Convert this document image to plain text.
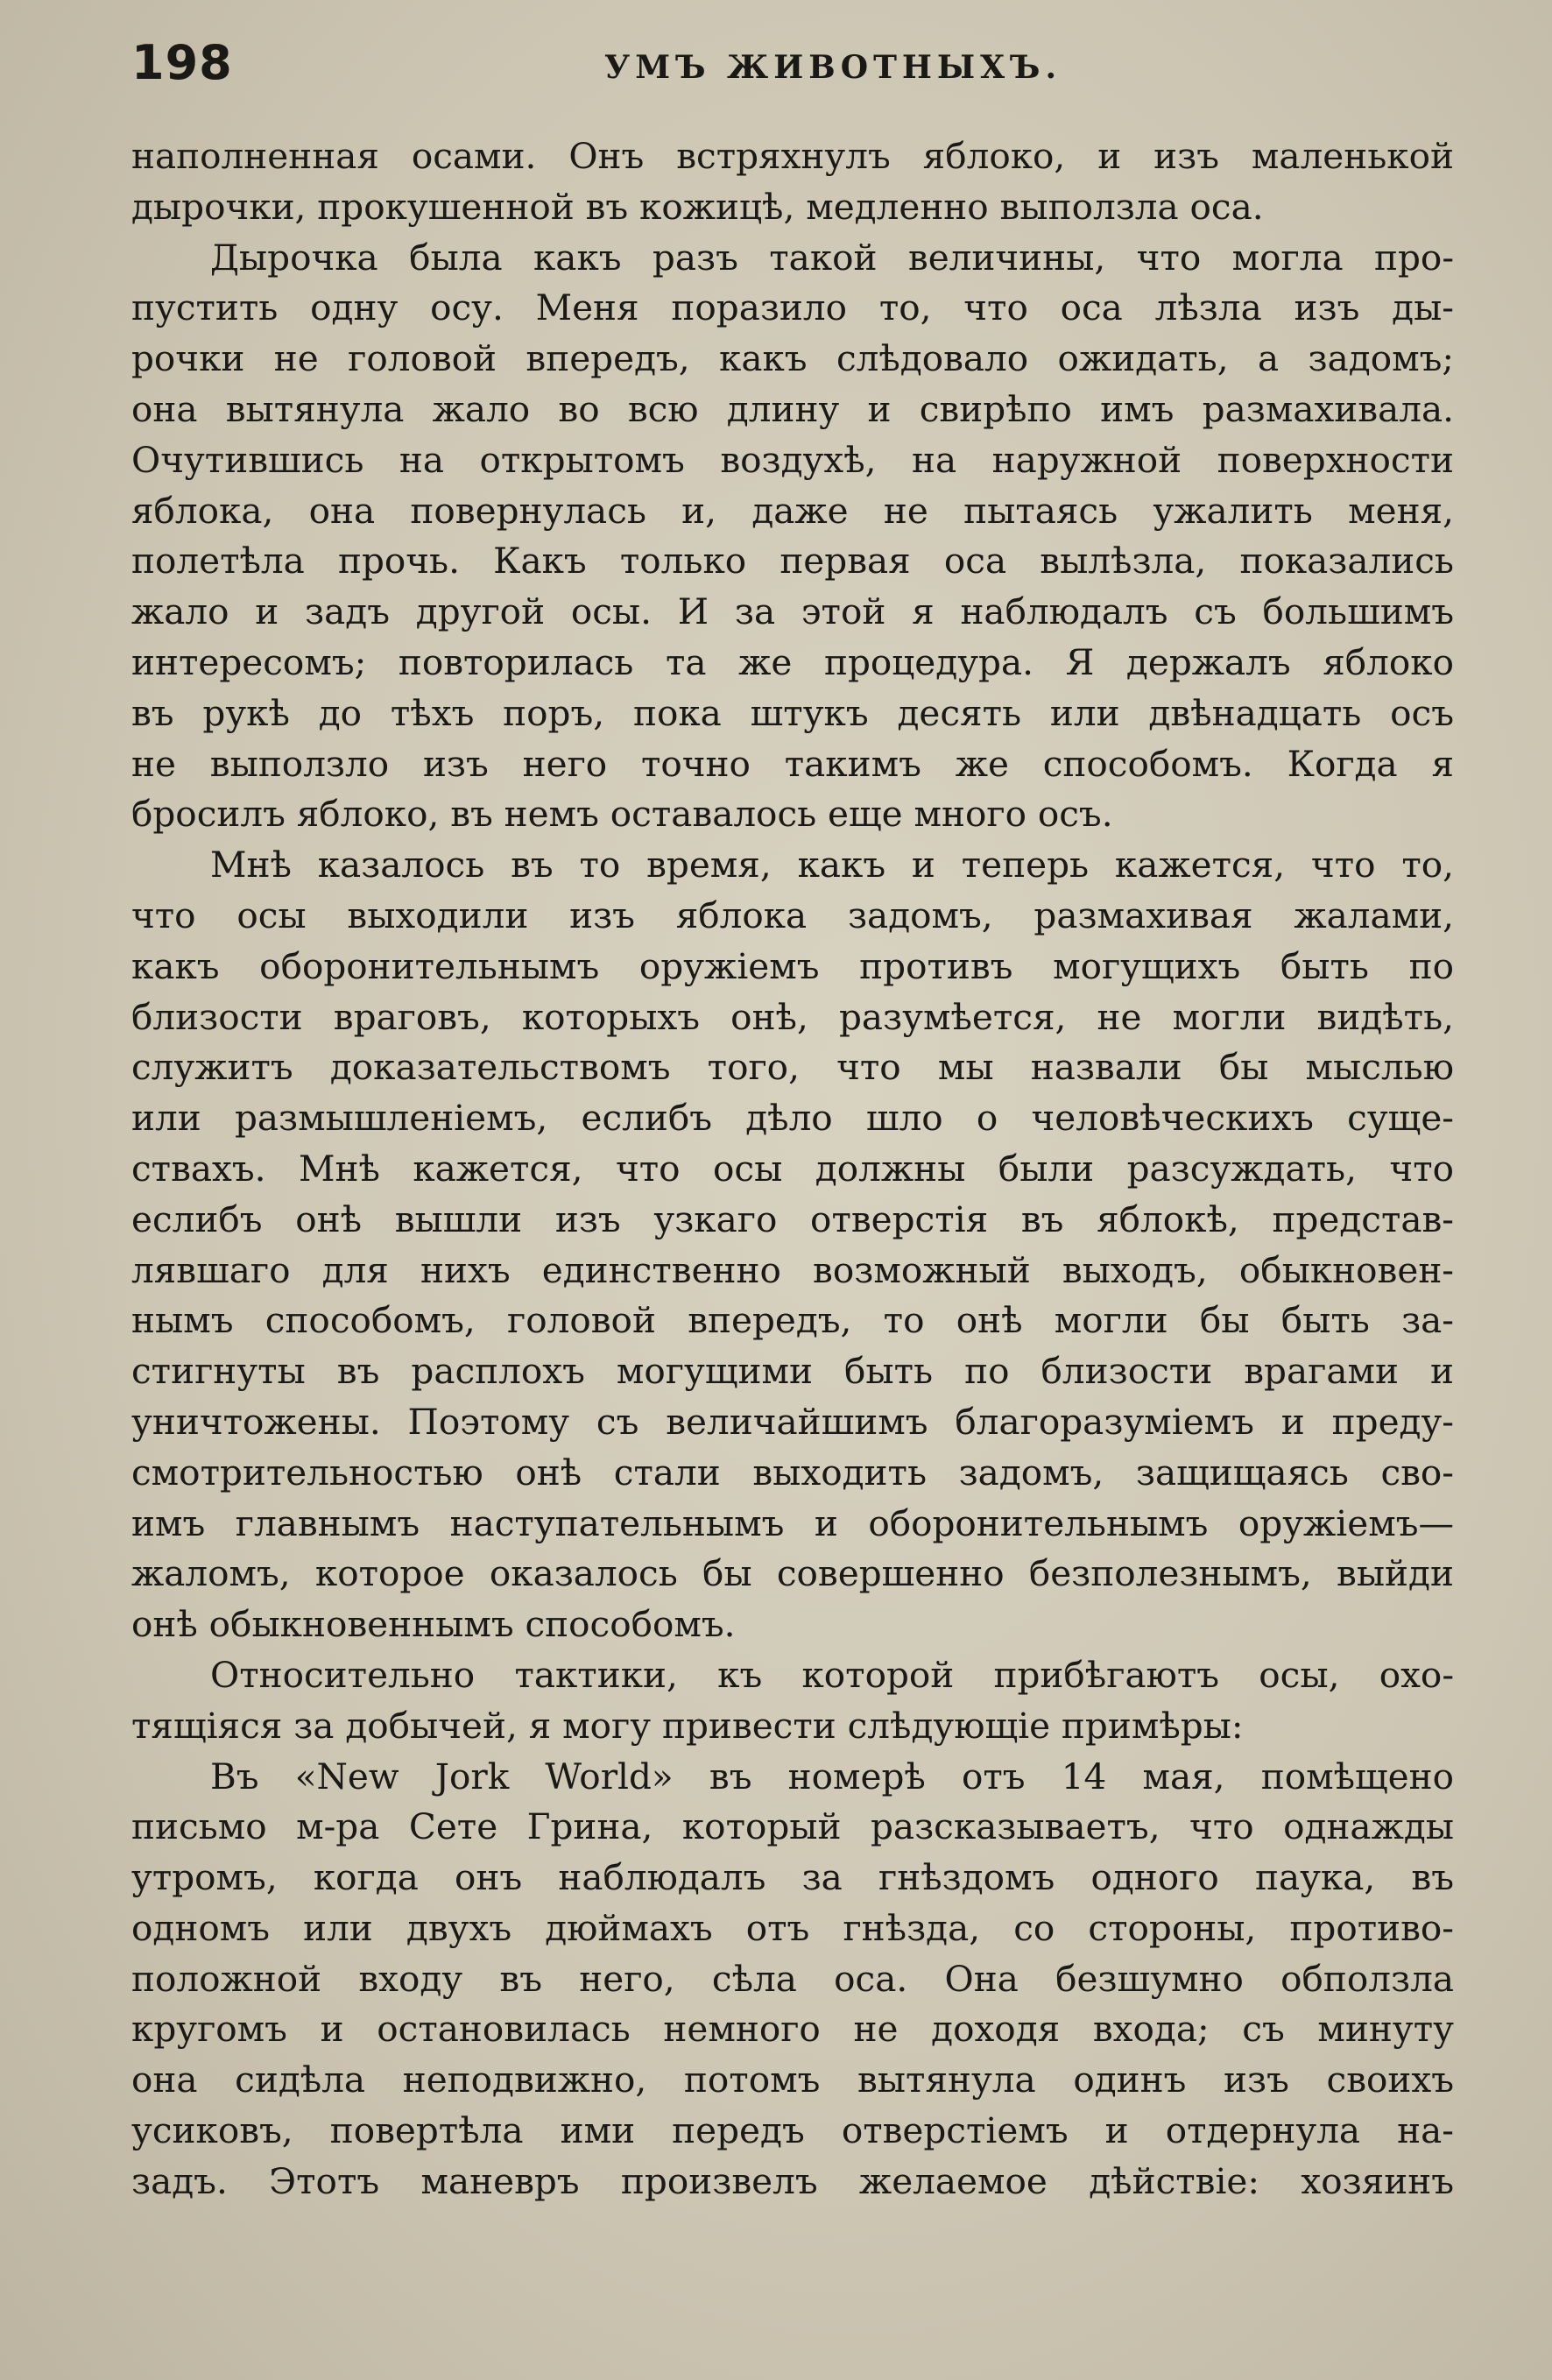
198	УМЪ ЖИВОТНЫХЪ.
наполненная осами. Онъ встряхнулъ яблоко, и изъ маленькой
дырочки, прокушенной въ кожицѣ, медленно выползла оса.
Дырочка была какъ разъ такой величины, что могла про-
пустить одну осу. Меня поразило то, что оса лѣзла изъ ды-
рочки не головой впередъ, какъ слѣдовало ожидать, а задомъ;
она вытянула жало во всю длину и свирѣпо имъ размахивала.
Очутившись на открытомъ воздухѣ, на наружной поверхности
яблока, она повернулась и, даже не пытаясь ужалить меня,
полетѣла прочь. Какъ только первая оса вылѣзла, показались
жало и задъ другой осы. И за этой я наблюдалъ съ большимъ
интересомъ; повторилась та же процедура. Я держалъ яблоко
въ рукѣ до тѣхъ поръ, пока штукъ десять или двѣнадцать осъ
не выползло изъ него точно такимъ же способомъ. Когда я
бросилъ яблоко, въ немъ оставалось еще много осъ.
Мнѣ казалось въ то время, какъ и теперь кажется, что то,
что осы выходили изъ яблока задомъ, размахивая жалами,
какъ оборонительнымъ оружіемъ противъ могущихъ быть по
близости враговъ, которыхъ онѣ, разумѣется, не могли видѣть,
служитъ доказательствомъ того, что мы назвали бы мыслью
или размышленіемъ, еслибъ дѣло шло о человѣческихъ суще-
ствахъ. Мнѣ кажется, что осы должны были разсуждать, что
еслибъ онѣ вышли изъ узкаго отверстія въ яблокѣ, представ-
лявшаго для нихъ единственно возможный выходъ, обыкновен-
нымъ способомъ, головой впередъ, то онѣ могли бы быть за-
стигнуты въ расплохъ могущими быть по близости врагами и
уничтожены. Поэтому съ величайшимъ благоразуміемъ и преду-
смотрительностью онѣ стали выходить задомъ, защищаясь сво-
имъ главнымъ наступательнымъ и оборонительнымъ оружіемъ—
жаломъ, которое оказалось бы совершенно безполезнымъ, выйди
онѣ обыкновеннымъ способомъ.
Относительно тактики, къ которой прибѣгаютъ осы, охо-
тящіяся за добычей, я могу привести слѣдующіе примѣры:
Въ «New Jork World» въ номерѣ отъ 14 мая, помѣщено
письмо м-ра Сете Грина, который разсказываетъ, что однажды
утромъ, когда онъ наблюдалъ за гнѣздомъ одного паука, въ
одномъ или двухъ дюймахъ отъ гнѣзда, со стороны, противо-
положной входу въ него, сѣла оса. Она безшумно обползла
кругомъ и остановилась немного не доходя входа; съ минуту
она сидѣла неподвижно, потомъ вытянула одинъ изъ своихъ
усиковъ, повертѣла ими передъ отверстіемъ и отдернула на-
задъ. Этотъ маневръ произвелъ желаемое дѣйствіе: хозяинъ
